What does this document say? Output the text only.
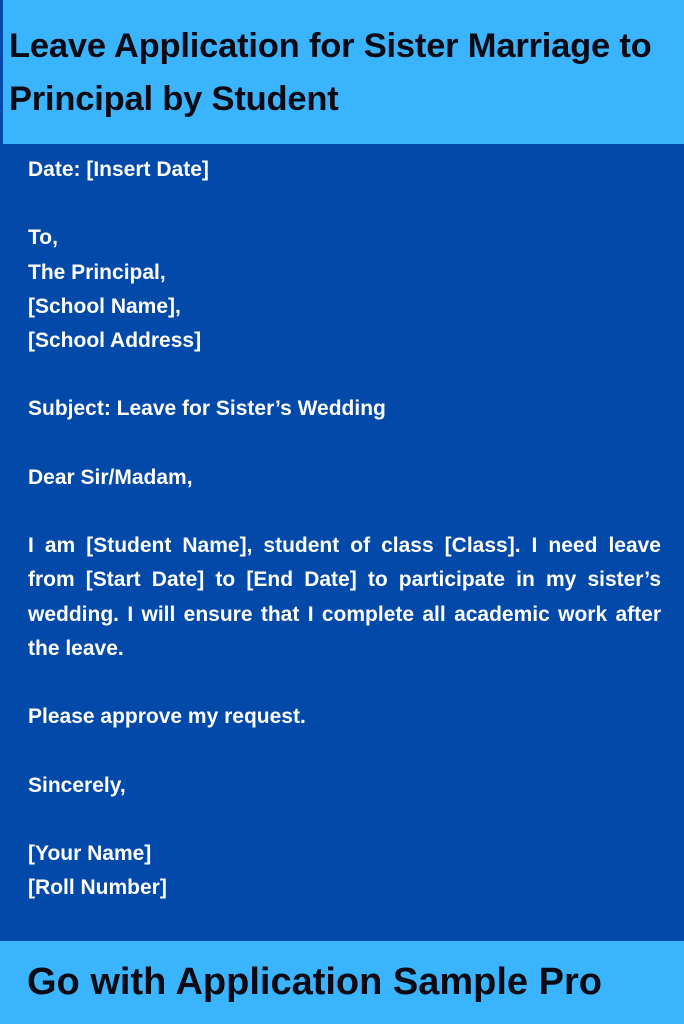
Leave Application for Sister Marriage to Principal by Student

Date: [Insert Date]

To,

The Principal,

[School Name],

[School Address]

Subject: Leave for Sister’s Wedding

Dear Sir/Madam,

I am [Student Name], student of class [Class]. I need leave from [Start Date] to [End Date] to participate in my sister’s wedding. I will ensure that I complete all academic work after the leave.

Please approve my request.

Sincerely,

[Your Name]

[Roll Number]

Go with Application Sample Pro
